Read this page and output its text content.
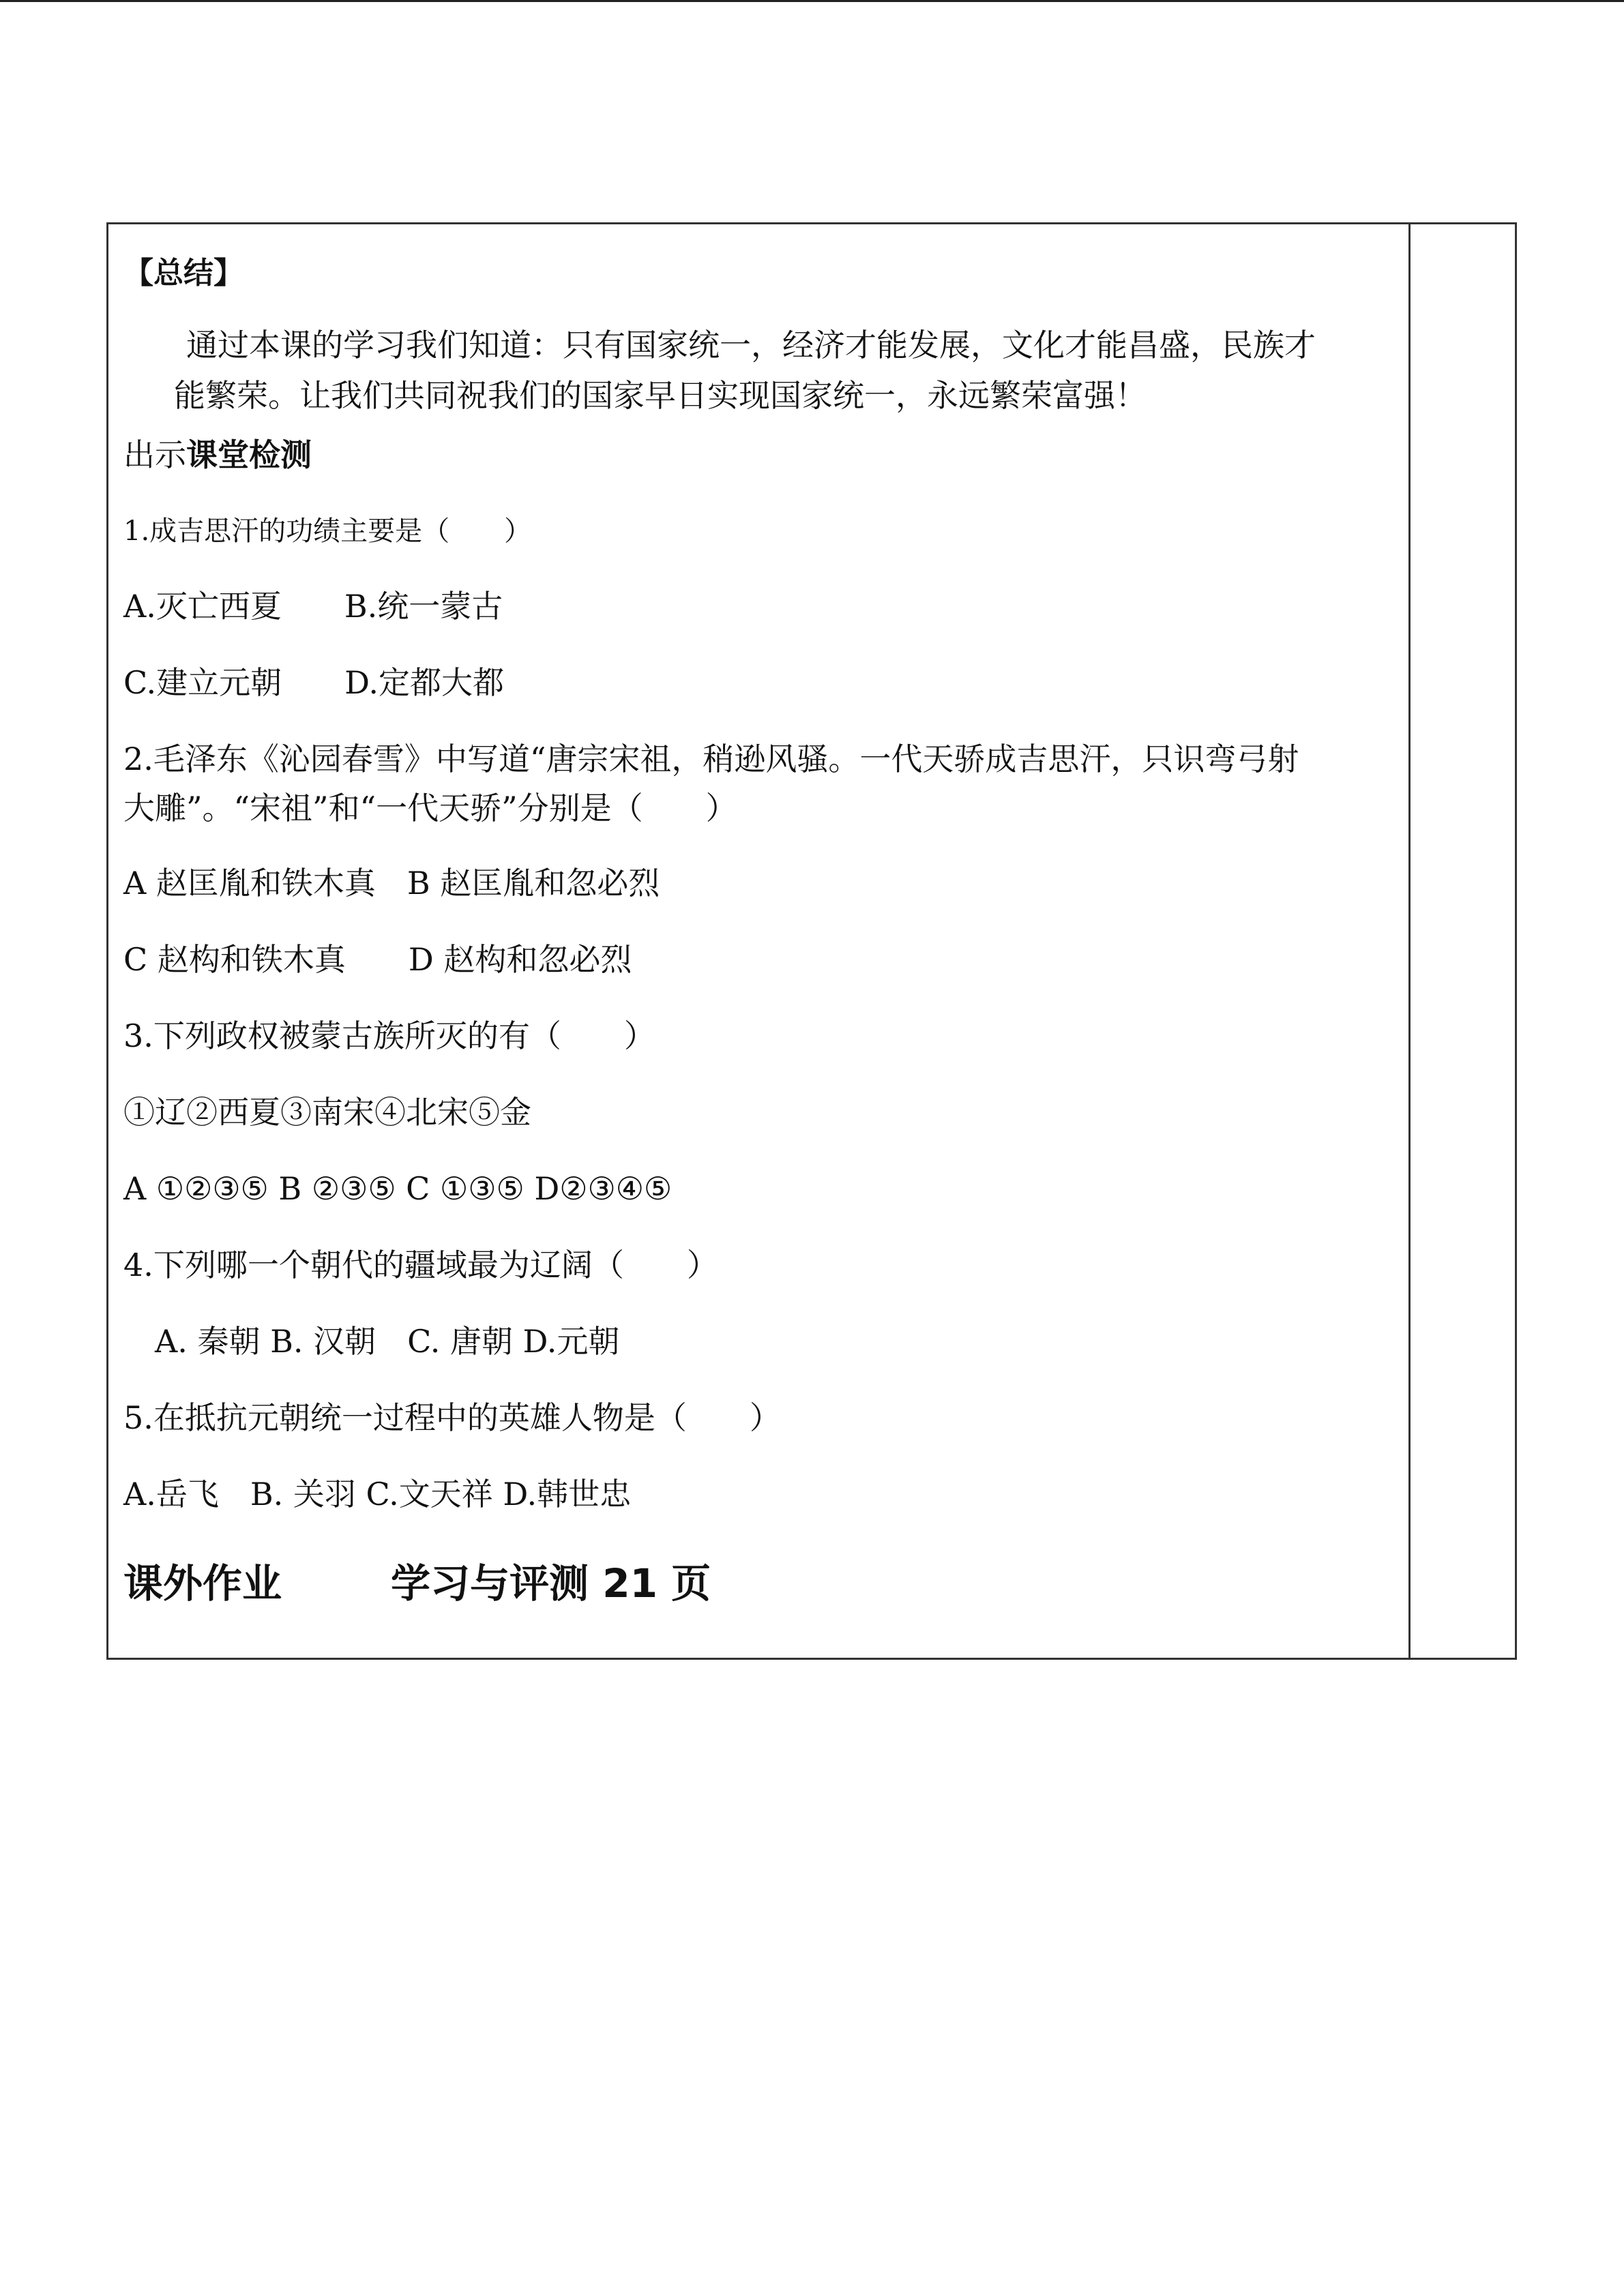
【总结】
通过本课的学习我们知道：只有国家统一，经济才能发展，文化才能昌盛，民族才
能繁荣。让我们共同祝我们的国家早日实现国家统一，永远繁荣富强！
出示课堂检测
1.成吉思汗的功绩主要是（　　）
A.灭亡西夏　　B.统一蒙古
C.建立元朝　　D.定都大都
2.毛泽东《沁园春雪》中写道“唐宗宋祖，稍逊风骚。一代天骄成吉思汗，只识弯弓射
大雕”。“宋祖”和“一代天骄”分别是（　　）
A 赵匡胤和铁木真　B 赵匡胤和忽必烈
C 赵构和铁木真　　D 赵构和忽必烈
3.下列政权被蒙古族所灭的有（　　）
①辽②西夏③南宋④北宋⑤金
A ①②③⑤ B ②③⑤ C ①③⑤ D②③④⑤
4.下列哪一个朝代的疆域最为辽阔（　　）
　A. 秦朝 B. 汉朝　C. 唐朝 D.元朝
5.在抵抗元朝统一过程中的英雄人物是（　　）
A.岳飞　B. 关羽 C.文天祥 D.韩世忠
课外作业	学习与评测 21 页
